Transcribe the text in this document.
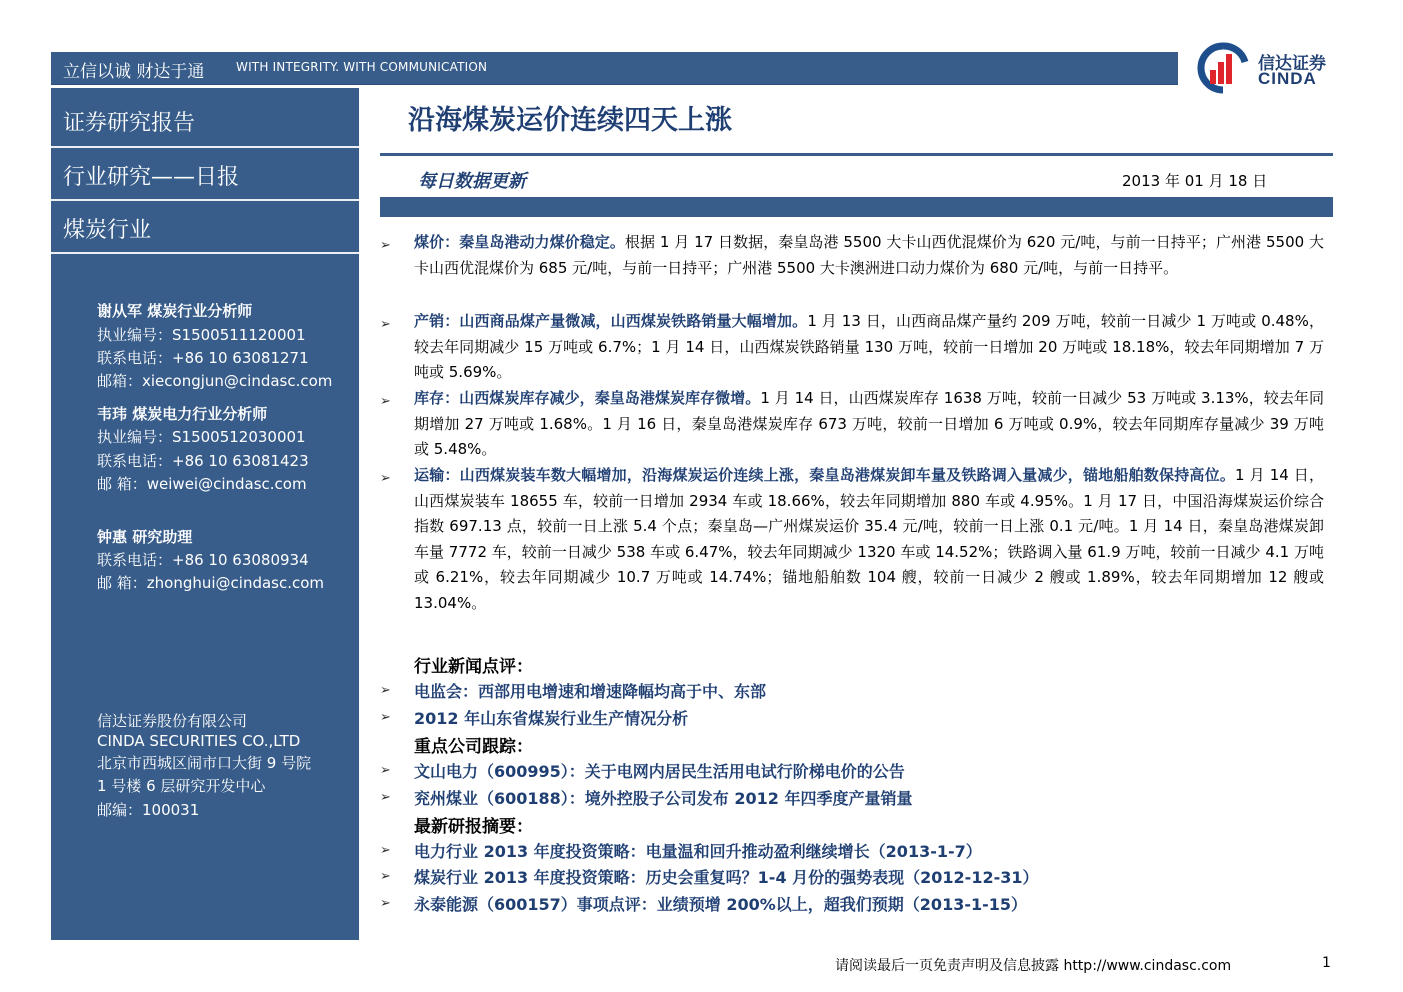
立信以诚 财达于通	WITH INTEGRITY. WITH COMMUNICATION	信达证券
CINDA
证券研究报告
行业研究——日报
煤炭行业
谢从军 煤炭行业分析师
执业编号：S1500511120001
联系电话：+86 10 63081271
邮箱：xiecongjun@cindasc.com
韦玮 煤炭电力行业分析师
执业编号：S1500512030001
联系电话：+86 10 63081423
邮 箱：weiwei@cindasc.com
钟惠 研究助理
联系电话：+86 10 63080934
邮 箱：zhonghui@cindasc.com
信达证券股份有限公司
CINDA SECURITIES CO.,LTD
北京市西城区闹市口大街 9 号院
1 号楼 6 层研究开发中心
邮编：100031
沿海煤炭运价连续四天上涨
每日数据更新	2013 年 01 月 18 日
➢ 煤价：秦皇岛港动力煤价稳定。根据 1 月 17 日数据，秦皇岛港 5500 大卡山西优混煤价为 620 元/吨，与前一日持平；广州港 5500 大卡山西优混煤价为 685 元/吨，与前一日持平；广州港 5500 大卡澳洲进口动力煤价为 680 元/吨，与前一日持平。
➢ 产销：山西商品煤产量微减，山西煤炭铁路销量大幅增加。1 月 13 日，山西商品煤产量约 209 万吨，较前一日减少 1 万吨或 0.48%，较去年同期减少 15 万吨或 6.7%；1 月 14 日，山西煤炭铁路销量 130 万吨，较前一日增加 20 万吨或 18.18%，较去年同期增加 7 万吨或 5.69%。
➢ 库存：山西煤炭库存减少，秦皇岛港煤炭库存微增。1 月 14 日，山西煤炭库存 1638 万吨，较前一日减少 53 万吨或 3.13%，较去年同期增加 27 万吨或 1.68%。1 月 16 日，秦皇岛港煤炭库存 673 万吨，较前一日增加 6 万吨或 0.9%，较去年同期库存量减少 39 万吨或 5.48%。
➢ 运输：山西煤炭装车数大幅增加，沿海煤炭运价连续上涨，秦皇岛港煤炭卸车量及铁路调入量减少，锚地船舶数保持高位。1 月 14 日，山西煤炭装车 18655 车，较前一日增加 2934 车或 18.66%，较去年同期增加 880 车或 4.95%。1 月 17 日，中国沿海煤炭运价综合指数 697.13 点，较前一日上涨 5.4 个点；秦皇岛—广州煤炭运价 35.4 元/吨，较前一日上涨 0.1 元/吨。1 月 14 日，秦皇岛港煤炭卸车量 7772 车，较前一日减少 538 车或 6.47%，较去年同期减少 1320 车或 14.52%；铁路调入量 61.9 万吨，较前一日减少 4.1 万吨或 6.21%，较去年同期减少 10.7 万吨或 14.74%；锚地船舶数 104 艘，较前一日减少 2 艘或 1.89%，较去年同期增加 12 艘或 13.04%。
行业新闻点评：
➢ 电监会：西部用电增速和增速降幅均高于中、东部
➢ 2012 年山东省煤炭行业生产情况分析
重点公司跟踪：
➢ 文山电力（600995）：关于电网内居民生活用电试行阶梯电价的公告
➢ 兖州煤业（600188）：境外控股子公司发布 2012 年四季度产量销量
最新研报摘要：
➢ 电力行业 2013 年度投资策略：电量温和回升推动盈利继续增长（2013-1-7）
➢ 煤炭行业 2013 年度投资策略：历史会重复吗？1-4 月份的强势表现（2012-12-31）
➢ 永泰能源（600157）事项点评：业绩预增 200%以上，超我们预期（2013-1-15）
请阅读最后一页免责声明及信息披露 http://www.cindasc.com	1
